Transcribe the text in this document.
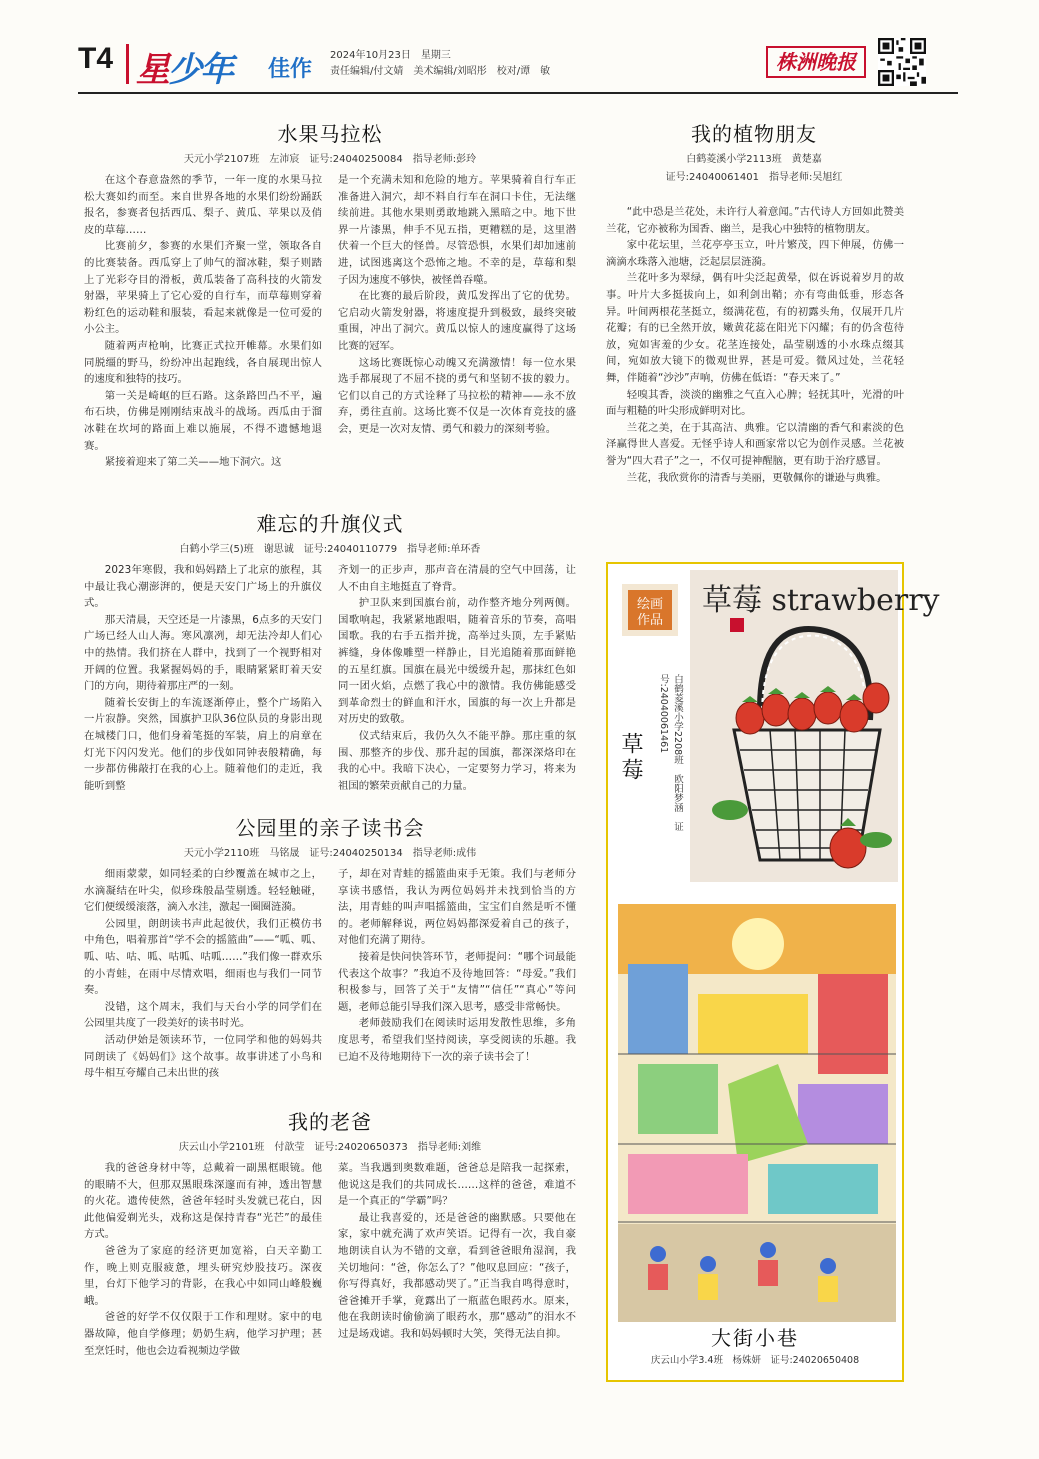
T4 星少年 佳作
2024年10月23日　星期三
责任编辑/付文婧　美术编辑/刘昭彤　校对/谭　敏	株洲晚报
水果马拉松
天元小学2107班　左沛宸　证号:24040250084　指导老师:彭玲

在这个春意盎然的季节，一年一度的水果马拉松大赛如约而至。来自世界各地的水果们纷纷踊跃报名，参赛者包括西瓜、梨子、黄瓜、苹果以及俏皮的草莓……

比赛前夕，参赛的水果们齐聚一堂，领取各自的比赛装备。西瓜穿上了帅气的溜冰鞋，梨子则踏上了光彩夺目的滑板，黄瓜装备了高科技的火箭发射器，苹果骑上了它心爱的自行车，而草莓则穿着粉红色的运动鞋和服装，看起来就像是一位可爱的小公主。

随着两声枪响，比赛正式拉开帷幕。水果们如同脱缰的野马，纷纷冲出起跑线，各自展现出惊人的速度和独特的技巧。

第一关是崎岖的巨石路。这条路凹凸不平，遍布石块，仿佛是刚刚结束战斗的战场。西瓜由于溜冰鞋在坎坷的路面上难以施展，不得不遗憾地退赛。

紧接着迎来了第二关——地下洞穴。这

是一个充满未知和危险的地方。苹果骑着自行车正准备进入洞穴，却不料自行车在洞口卡住，无法继续前进。其他水果则勇敢地跳入黑暗之中。地下世界一片漆黑，伸手不见五指，更糟糕的是，这里潜伏着一个巨大的怪兽。尽管恐惧，水果们却加速前进，试图逃离这个恐怖之地。不幸的是，草莓和梨子因为速度不够快，被怪兽吞噬。

在比赛的最后阶段，黄瓜发挥出了它的优势。它启动火箭发射器，将速度提升到极致，最终突破重围，冲出了洞穴。黄瓜以惊人的速度赢得了这场比赛的冠军。

这场比赛既惊心动魄又充满激情！每一位水果选手都展现了不屈不挠的勇气和坚韧不拔的毅力。它们以自己的方式诠释了马拉松的精神——永不放弃，勇往直前。这场比赛不仅是一次体育竞技的盛会，更是一次对友情、勇气和毅力的深刻考验。

我的植物朋友
白鹤菱溪小学2113班　黄楚嘉
证号:24040061401　指导老师:吴旭红

“此中恐是兰花处，未许行人着意闻。”古代诗人方回如此赞美兰花，它亦被称为国香、幽兰，是我心中独特的植物朋友。

家中花坛里，兰花亭亭玉立，叶片繁茂，四下伸展，仿佛一滴滴水珠落入池塘，泛起层层涟漪。

兰花叶多为翠绿，偶有叶尖泛起黄晕，似在诉说着岁月的故事。叶片大多挺拔向上，如利剑出鞘；亦有弯曲低垂，形态各异。叶间两根花茎挺立，缀满花苞，有的初露头角，仅展开几片花瓣；有的已全然开放，嫩黄花蕊在阳光下闪耀；有的仍含苞待放，宛如害羞的少女。花茎连接处，晶莹剔透的小水珠点缀其间，宛如放大镜下的微观世界，甚是可爱。微风过处，兰花轻舞，伴随着“沙沙”声响，仿佛在低语：“春天来了。”

轻嗅其香，淡淡的幽雅之气直入心脾；轻抚其叶，光滑的叶面与粗糙的叶尖形成鲜明对比。

兰花之美，在于其高洁、典雅。它以清幽的香气和素淡的色泽赢得世人喜爱。无怪乎诗人和画家常以它为创作灵感。兰花被誉为“四大君子”之一，不仅可提神醒脑，更有助于治疗感冒。

兰花，我欣赏你的清香与美丽，更敬佩你的谦逊与典雅。

难忘的升旗仪式
白鹤小学三(5)班　谢思诚　证号:24040110779　指导老师:单环香

2023年寒假，我和妈妈踏上了北京的旅程，其中最让我心潮澎湃的，便是天安门广场上的升旗仪式。

那天清晨，天空还是一片漆黑，6点多的天安门广场已经人山人海。寒风凛冽，却无法冷却人们心中的热情。我们挤在人群中，找到了一个视野相对开阔的位置。我紧握妈妈的手，眼睛紧紧盯着天安门的方向，期待着那庄严的一刻。

随着长安街上的车流逐渐停止，整个广场陷入一片寂静。突然，国旗护卫队36位队员的身影出现在城楼门口，他们身着笔挺的军装，肩上的肩章在灯光下闪闪发光。他们的步伐如同钟表般精确，每一步都仿佛敲打在我的心上。随着他们的走近，我能听到整

齐划一的正步声，那声音在清晨的空气中回荡，让人不由自主地挺直了脊背。

护卫队来到国旗台前，动作整齐地分列两侧。国歌响起，我紧紧地跟唱，随着音乐的节奏，高唱国歌。我的右手五指并拢，高举过头顶，左手紧贴裤缝，身体像雕塑一样静止，目光追随着那面鲜艳的五星红旗。国旗在晨光中缓缓升起，那抹红色如同一团火焰，点燃了我心中的激情。我仿佛能感受到革命烈士的鲜血和汗水，国旗的每一次上升都是对历史的致敬。

仪式结束后，我仍久久不能平静。那庄重的氛围、那整齐的步伐、那升起的国旗，都深深烙印在我的心中。我暗下决心，一定要努力学习，将来为祖国的繁荣贡献自己的力量。

公园里的亲子读书会
天元小学2110班　马铭晟　证号:24040250134　指导老师:成伟

细雨蒙蒙，如同轻柔的白纱覆盖在城市之上，水滴凝结在叶尖，似珍珠般晶莹剔透。轻轻触碰，它们便缓缓滚落，滴入水洼，激起一圈圈涟漪。

公园里，朗朗读书声此起彼伏，我们正模仿书中角色，唱着那首“学不会的摇篮曲”——“呱、呱、呱、咕、咕、呱、咕呱、咕呱……”我们像一群欢乐的小青蛙，在雨中尽情欢唱，细雨也与我们一同节奏。

没错，这个周末，我们与天台小学的同学们在公园里共度了一段美好的读书时光。

活动伊始是领读环节，一位同学和他的妈妈共同朗读了《妈妈们》这个故事。故事讲述了小鸟和母牛相互夸耀自己未出世的孩

子，却在对青蛙的摇篮曲束手无策。我们与老师分享读书感悟，我认为两位妈妈并未找到恰当的方法，用青蛙的叫声唱摇篮曲，宝宝们自然是听不懂的。老师解释说，两位妈妈都深爱着自己的孩子，对他们充满了期待。

接着是快问快答环节，老师提问：“哪个词最能代表这个故事？”我迫不及待地回答：“母爱。”我们积极参与，回答了关于“友情”“信任”“真心”等问题，老师总能引导我们深入思考，感受非常畅快。

老师鼓励我们在阅读时运用发散性思维，多角度思考，希望我们坚持阅读，享受阅读的乐趣。我已迫不及待地期待下一次的亲子读书会了！

我的老爸
庆云山小学2101班　付歆莹　证号:24020650373　指导老师:刘维

我的爸爸身材中等，总戴着一副黑框眼镜。他的眼睛不大，但那双黑眼珠深邃而有神，透出智慧的火花。遗传使然，爸爸年轻时头发就已花白，因此他偏爱剃光头，戏称这是保持青春“光芒”的最佳方式。

爸爸为了家庭的经济更加宽裕，白天辛勤工作，晚上则克服疲惫，埋头研究炒股技巧。深夜里，台灯下他学习的背影，在我心中如同山峰般巍峨。

爸爸的好学不仅仅限于工作和理财。家中的电器故障，他自学修理；奶奶生病，他学习护理；甚至烹饪时，他也会边看视频边学做

菜。当我遇到奥数难题，爸爸总是陪我一起探索，他说这是我们的共同成长……这样的爸爸，难道不是一个真正的“学霸”吗？

最让我喜爱的，还是爸爸的幽默感。只要他在家，家中就充满了欢声笑语。记得有一次，我自豪地朗读自认为不错的文章，看到爸爸眼角湿润，我关切地问：“爸，你怎么了？”他叹息回应：“孩子，你写得真好，我都感动哭了。”正当我自鸣得意时，爸爸摊开手掌，竟露出了一瓶蓝色眼药水。原来，他在我朗读时偷偷滴了眼药水，那“感动”的泪水不过是场戏谑。我和妈妈顿时大笑，笑得无法自抑。

绘画
作品
草莓	白鹤菱溪小学2208班　欧阳梦涵　证号:24040061461
草莓 strawberry
大街小巷
庆云山小学3.4班　杨姝妍　证号:24020650408
